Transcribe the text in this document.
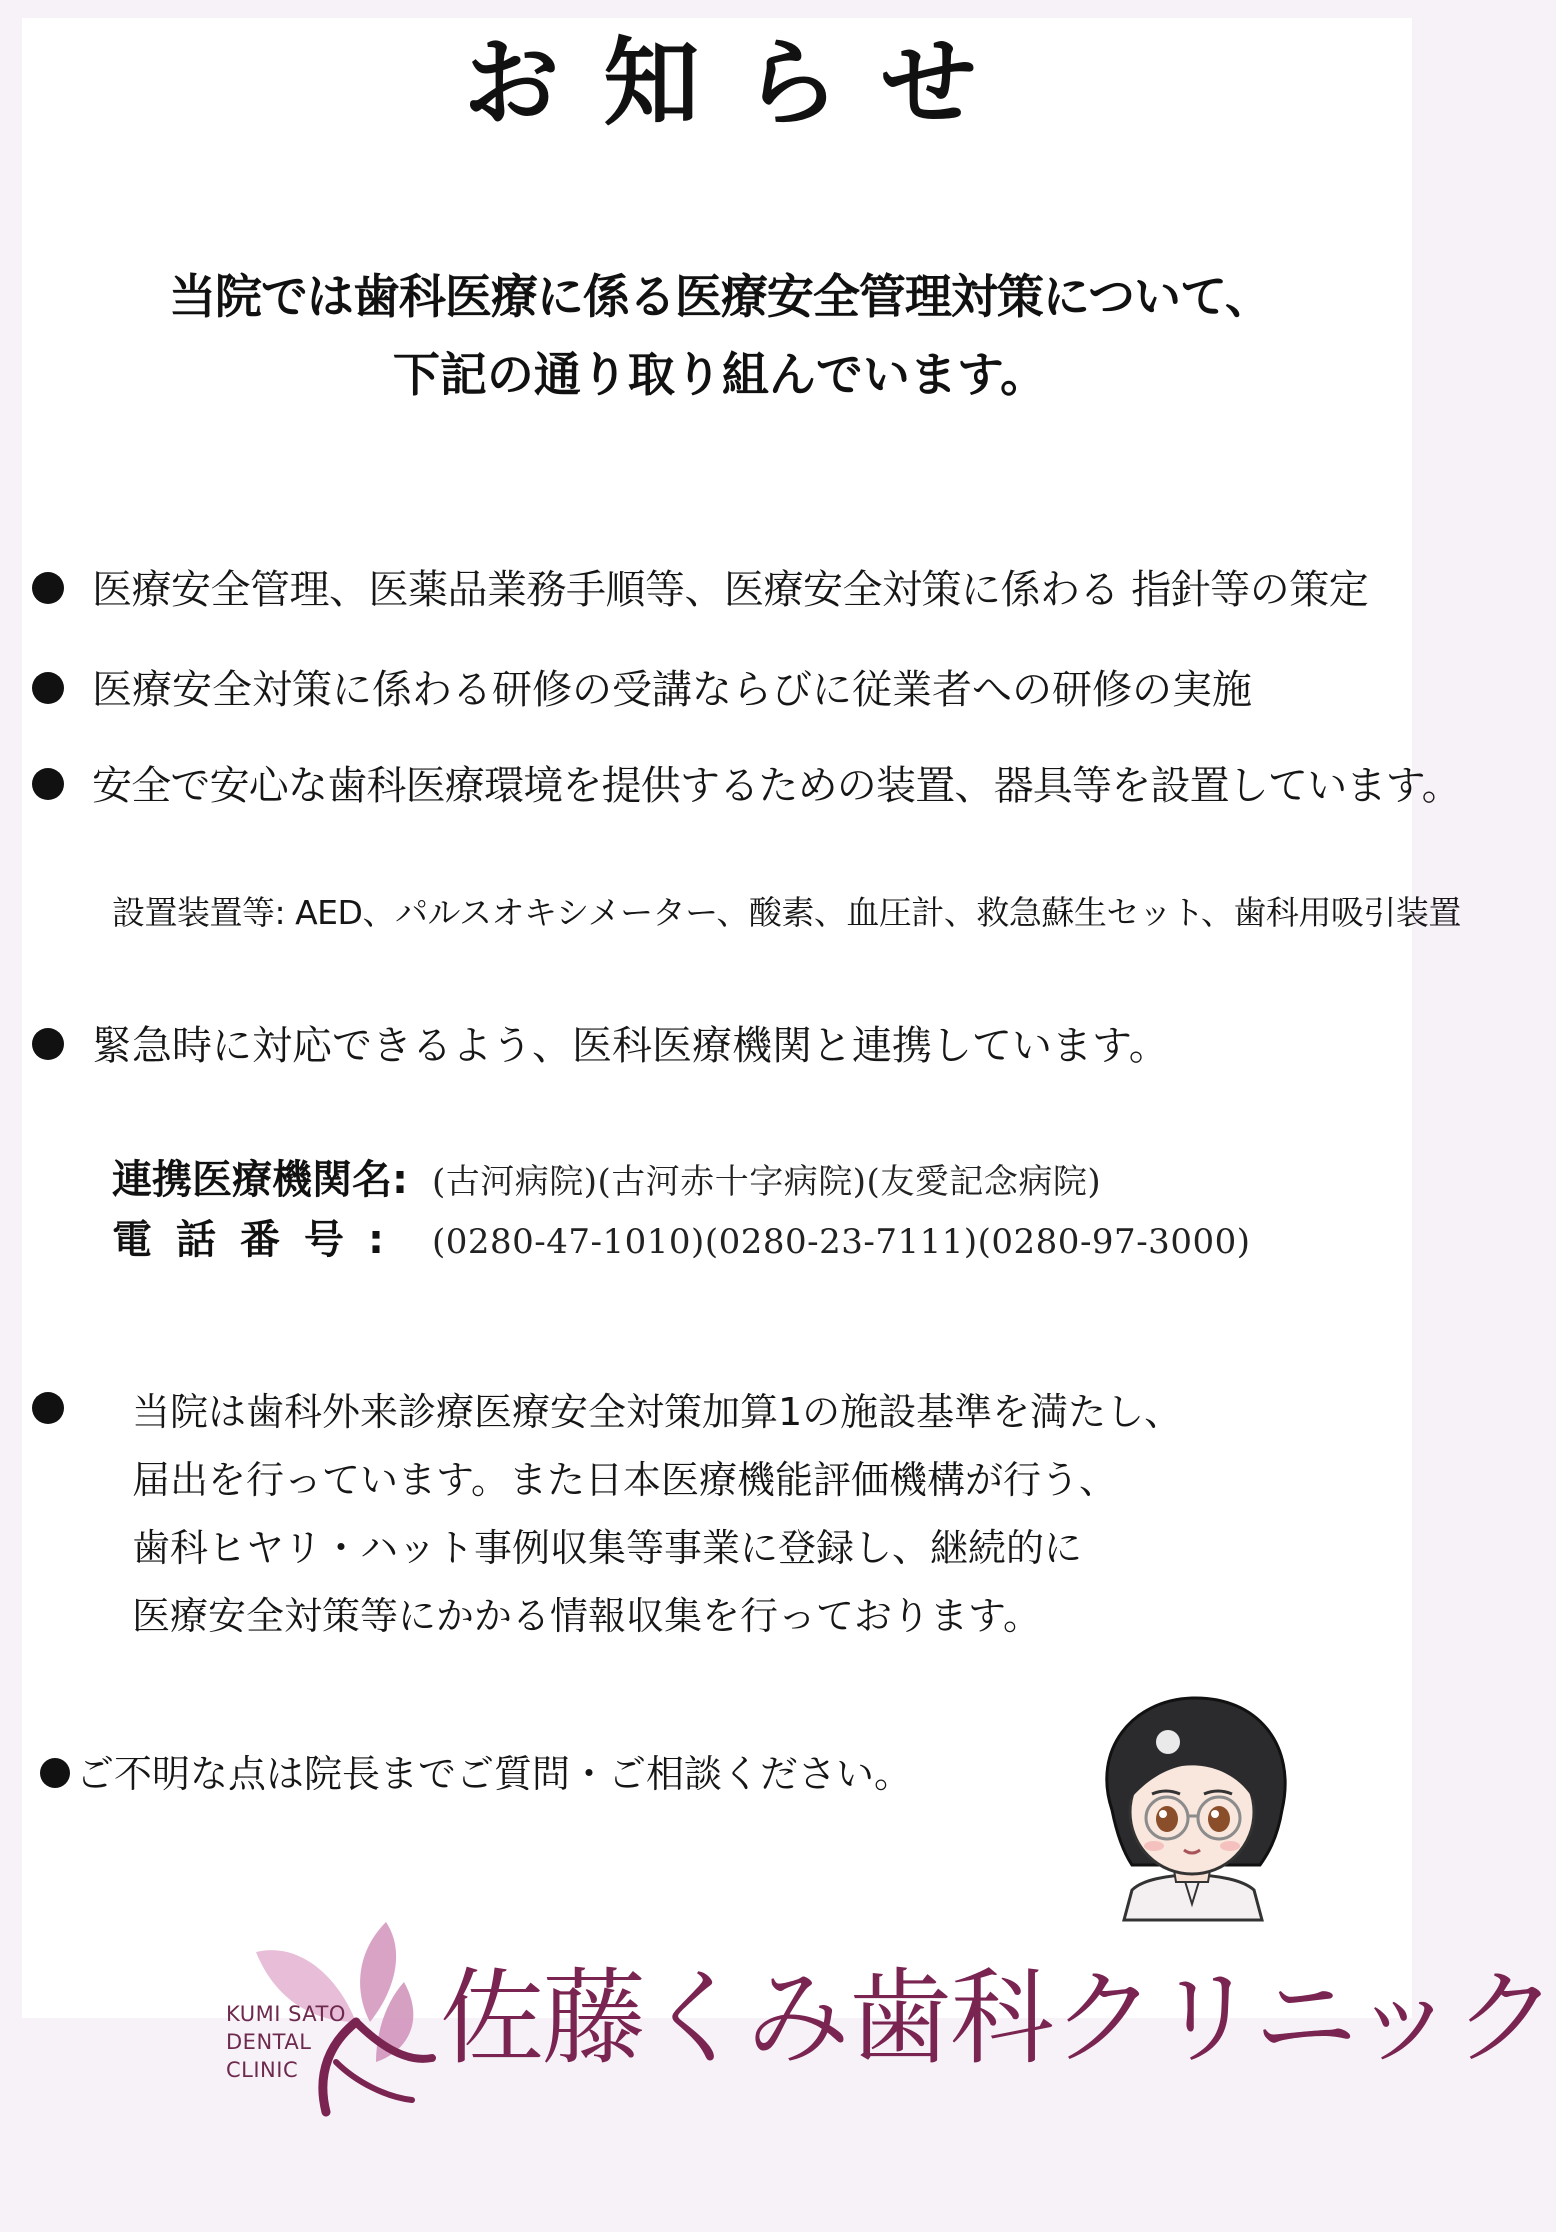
お知らせ
当院では歯科医療に係る医療安全管理対策について、
下記の通り取り組んでいます。
医療安全管理、医薬品業務手順等、医療安全対策に係わる 指針等の策定
医療安全対策に係わる研修の受講ならびに従業者への研修の実施
安全で安心な歯科医療環境を提供するための装置、器具等を設置しています。
設置装置等: AED、パルスオキシメーター、酸素、血圧計、救急蘇生セット、歯科用吸引装置
緊急時に対応できるよう、医科医療機関と連携しています。
連携医療機関名: (古河病院)(古河赤十字病院)(友愛記念病院)
電話番号: (0280-47-1010)(0280-23-7111)(0280-97-3000)
当院は歯科外来診療医療安全対策加算1の施設基準を満たし、
届出を行っています。また日本医療機能評価機構が行う、
歯科ヒヤリ・ハット事例収集等事業に登録し、継続的に
医療安全対策等にかかる情報収集を行っております。
ご不明な点は院長までご質問・ご相談ください。
KUMI SATO
DENTAL
CLINIC	佐藤くみ歯科クリニック
